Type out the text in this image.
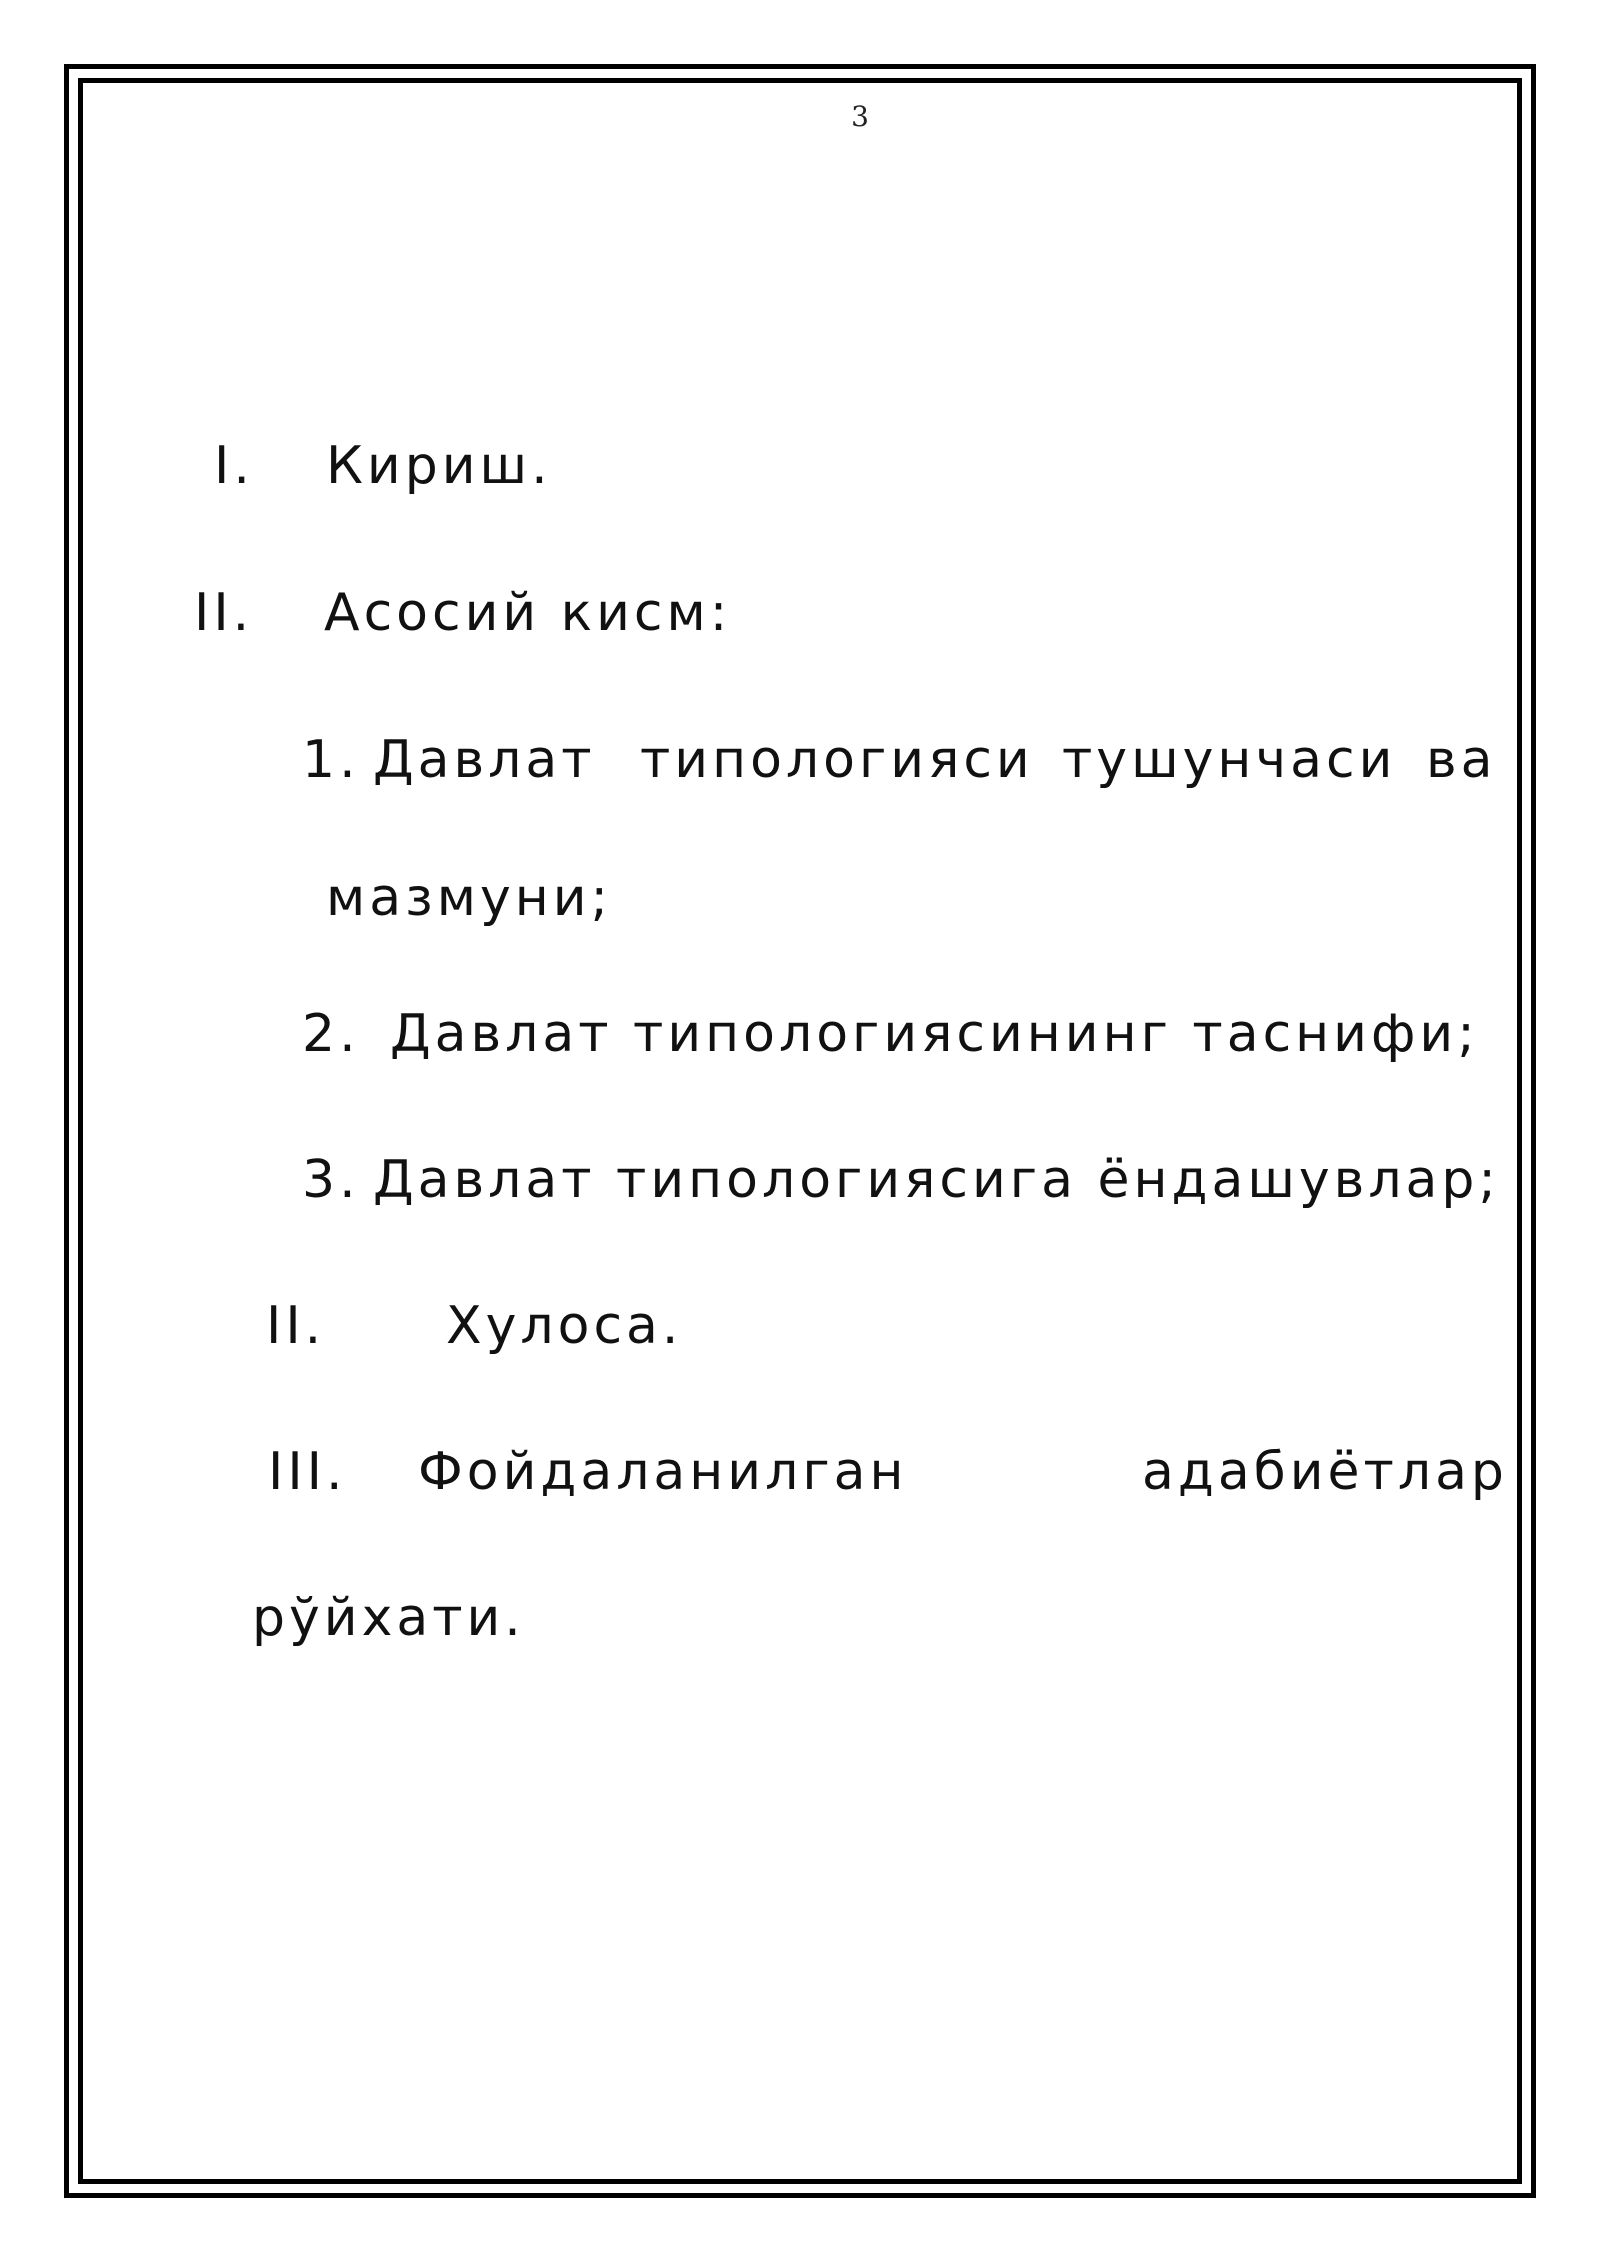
3
I. Кириш.
II. Асосий кисм:
1. Давлат типологияси тушунчаси ва
мазмуни;
2. Давлат типологиясининг таснифи;
3. Давлат типологиясига ёндашувлар;
II. Хулоса.
III. Фойдаланилган	адабиётлар
рўйхати.
